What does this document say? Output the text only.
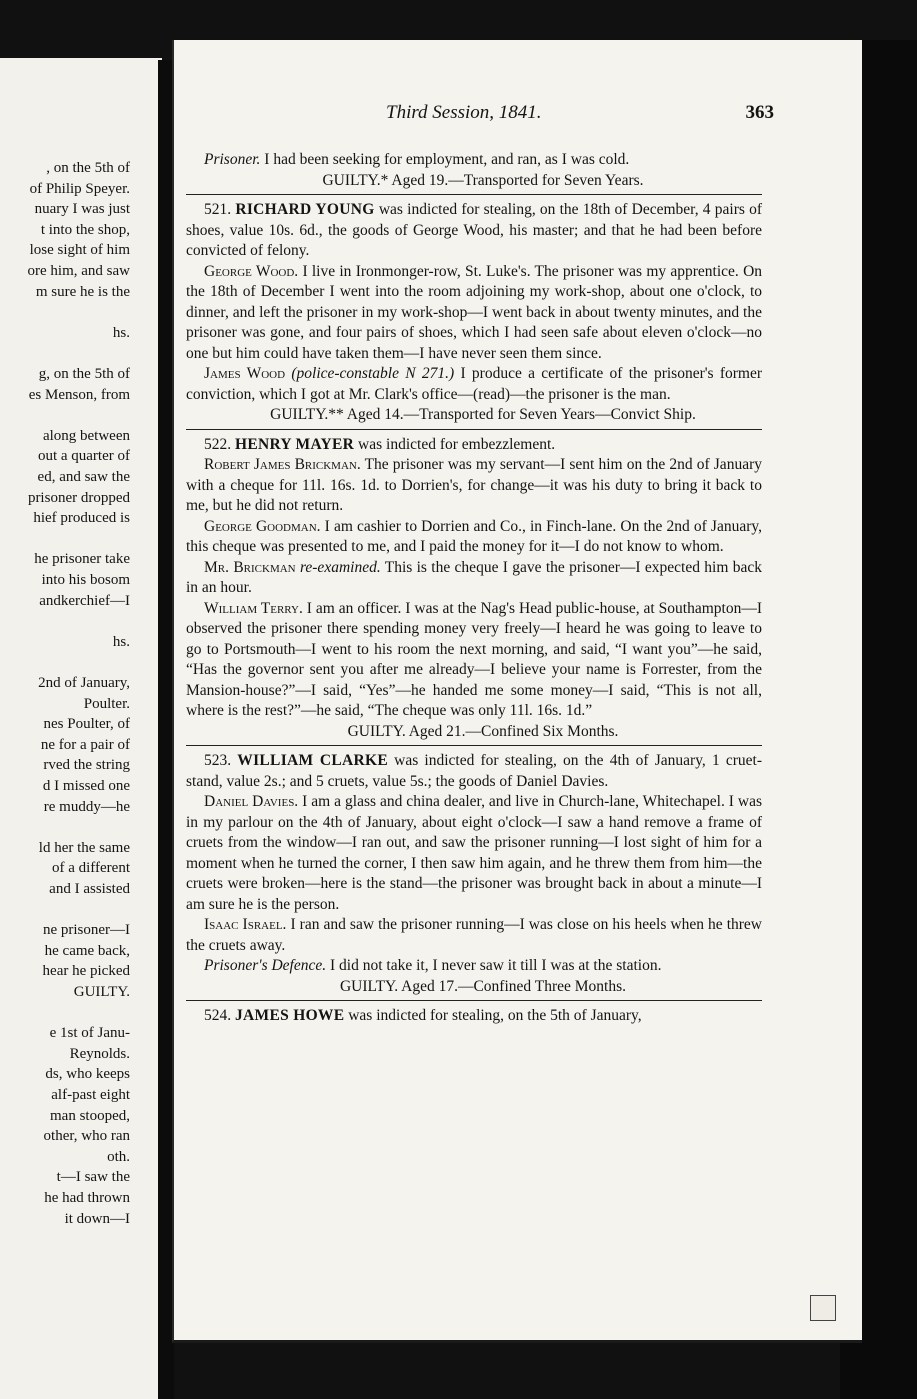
, on the 5th of
of Philip Speyer.
nuary I was just
t into the shop,
lose sight of him
ore him, and saw
m sure he is the
hs.
g, on the 5th of
es Menson, from
along between
out a quarter of
ed, and saw the
prisoner dropped
hief produced is
he prisoner take
into his bosom
andkerchief—I
hs.
2nd of January,
Poulter.
nes Poulter, of
ne for a pair of
rved the string
d I missed one
re muddy—he
ld her the same
of a different
and I assisted
ne prisoner—I
he came back,
hear he picked
GUILTY.
e 1st of Janu-
Reynolds.
ds, who keeps
alf-past eight
man stooped,
other, who ran
oth.
t—I saw the
he had thrown
it down—I
Third Session, 1841.	363

Prisoner. I had been seeking for employment, and ran, as I was cold.

GUILTY.* Aged 19.—Transported for Seven Years.

521. RICHARD YOUNG was indicted for stealing, on the 18th of December, 4 pairs of shoes, value 10s. 6d., the goods of George Wood, his master; and that he had been before convicted of felony.

George Wood. I live in Ironmonger-row, St. Luke's. The prisoner was my apprentice. On the 18th of December I went into the room adjoining my work-shop, about one o'clock, to dinner, and left the prisoner in my work-shop—I went back in about twenty minutes, and the prisoner was gone, and four pairs of shoes, which I had seen safe about eleven o'clock—no one but him could have taken them—I have never seen them since.

James Wood (police-constable N 271.) I produce a certificate of the prisoner's former conviction, which I got at Mr. Clark's office—(read)—the prisoner is the man.

GUILTY.** Aged 14.—Transported for Seven Years—Convict Ship.

522. HENRY MAYER was indicted for embezzlement.

Robert James Brickman. The prisoner was my servant—I sent him on the 2nd of January with a cheque for 11l. 16s. 1d. to Dorrien's, for change—it was his duty to bring it back to me, but he did not return.

George Goodman. I am cashier to Dorrien and Co., in Finch-lane. On the 2nd of January, this cheque was presented to me, and I paid the money for it—I do not know to whom.

Mr. Brickman re-examined. This is the cheque I gave the prisoner—I expected him back in an hour.

William Terry. I am an officer. I was at the Nag's Head public-house, at Southampton—I observed the prisoner there spending money very freely—I heard he was going to leave to go to Portsmouth—I went to his room the next morning, and said, “I want you”—he said, “Has the governor sent you after me already—I believe your name is Forrester, from the Mansion-house?”—I said, “Yes”—he handed me some money—I said, “This is not all, where is the rest?”—he said, “The cheque was only 11l. 16s. 1d.”

GUILTY. Aged 21.—Confined Six Months.

523. WILLIAM CLARKE was indicted for stealing, on the 4th of January, 1 cruet-stand, value 2s.; and 5 cruets, value 5s.; the goods of Daniel Davies.

Daniel Davies. I am a glass and china dealer, and live in Church-lane, Whitechapel. I was in my parlour on the 4th of January, about eight o'clock—I saw a hand remove a frame of cruets from the window—I ran out, and saw the prisoner running—I lost sight of him for a moment when he turned the corner, I then saw him again, and he threw them from him—the cruets were broken—here is the stand—the prisoner was brought back in about a minute—I am sure he is the person.

Isaac Israel. I ran and saw the prisoner running—I was close on his heels when he threw the cruets away.

Prisoner's Defence. I did not take it, I never saw it till I was at the station.

GUILTY. Aged 17.—Confined Three Months.

524. JAMES HOWE was indicted for stealing, on the 5th of January,
